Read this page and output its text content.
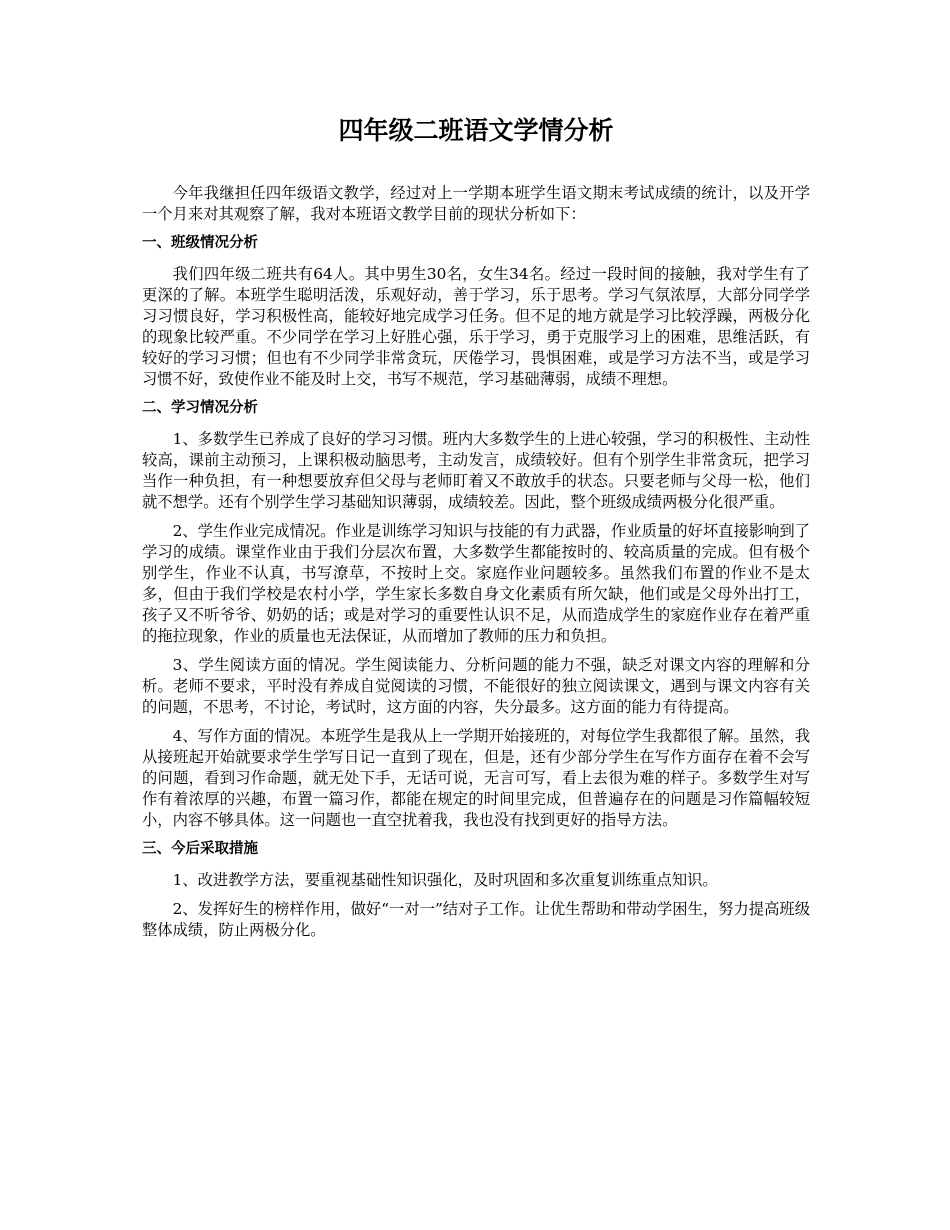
四年级二班语文学情分析

今年我继担任四年级语文教学，经过对上一学期本班学生语文期末考试成绩的统计，以及开学一个月来对其观察了解，我对本班语文教学目前的现状分析如下：

一、班级情况分析

我们四年级二班共有64人。其中男生30名，女生34名。经过一段时间的接触，我对学生有了更深的了解。本班学生聪明活泼，乐观好动，善于学习，乐于思考。学习气氛浓厚，大部分同学学习习惯良好，学习积极性高，能较好地完成学习任务。但不足的地方就是学习比较浮躁，两极分化的现象比较严重。不少同学在学习上好胜心强，乐于学习，勇于克服学习上的困难，思维活跃，有较好的学习习惯；但也有不少同学非常贪玩，厌倦学习，畏惧困难，或是学习方法不当，或是学习习惯不好，致使作业不能及时上交，书写不规范，学习基础薄弱，成绩不理想。

二、学习情况分析

1、多数学生已养成了良好的学习习惯。班内大多数学生的上进心较强，学习的积极性、主动性较高，课前主动预习，上课积极动脑思考，主动发言，成绩较好。但有个别学生非常贪玩，把学习当作一种负担，有一种想要放弃但父母与老师盯着又不敢放手的状态。只要老师与父母一松，他们就不想学。还有个别学生学习基础知识薄弱，成绩较差。因此，整个班级成绩两极分化很严重。

2、学生作业完成情况。作业是训练学习知识与技能的有力武器，作业质量的好坏直接影响到了学习的成绩。课堂作业由于我们分层次布置，大多数学生都能按时的、较高质量的完成。但有极个别学生，作业不认真，书写潦草，不按时上交。家庭作业问题较多。虽然我们布置的作业不是太多，但由于我们学校是农村小学，学生家长多数自身文化素质有所欠缺，他们或是父母外出打工，孩子又不听爷爷、奶奶的话；或是对学习的重要性认识不足，从而造成学生的家庭作业存在着严重的拖拉现象，作业的质量也无法保证，从而增加了教师的压力和负担。

3、学生阅读方面的情况。学生阅读能力、分析问题的能力不强，缺乏对课文内容的理解和分析。老师不要求，平时没有养成自觉阅读的习惯，不能很好的独立阅读课文，遇到与课文内容有关的问题，不思考，不讨论，考试时，这方面的内容，失分最多。这方面的能力有待提高。

4、写作方面的情况。本班学生是我从上一学期开始接班的，对每位学生我都很了解。虽然，我从接班起开始就要求学生学写日记一直到了现在，但是，还有少部分学生在写作方面存在着不会写的问题，看到习作命题，就无处下手，无话可说，无言可写，看上去很为难的样子。多数学生对写作有着浓厚的兴趣，布置一篇习作，都能在规定的时间里完成，但普遍存在的问题是习作篇幅较短小，内容不够具体。这一问题也一直空扰着我，我也没有找到更好的指导方法。

三、今后采取措施

1、改进教学方法，要重视基础性知识强化，及时巩固和多次重复训练重点知识。

2、发挥好生的榜样作用，做好“一对一”结对子工作。让优生帮助和带动学困生，努力提高班级整体成绩，防止两极分化。
